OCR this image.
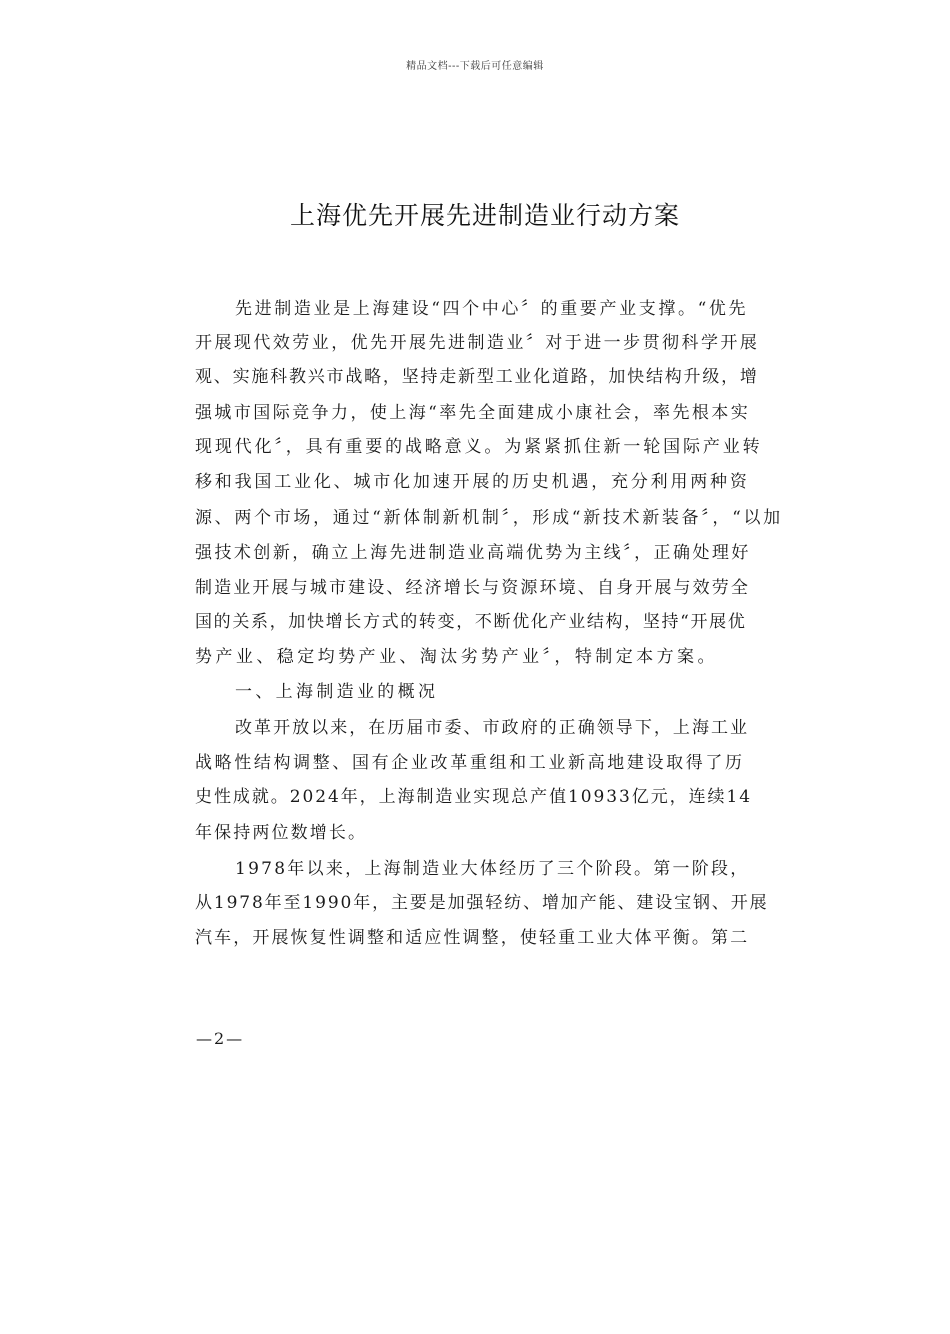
精品文档---下载后可任意编辑
上海优先开展先进制造业行动方案
先进制造业是上海建设“四个中心〞的重要产业支撑。“优先
开展现代效劳业，优先开展先进制造业〞对于进一步贯彻科学开展
观、实施科教兴市战略，坚持走新型工业化道路，加快结构升级，增
强城市国际竞争力，使上海“率先全面建成小康社会，率先根本实
现现代化〞，具有重要的战略意义。为紧紧抓住新一轮国际产业转
移和我国工业化、城市化加速开展的历史机遇，充分利用两种资
源、两个市场，通过“新体制新机制〞，形成“新技术新装备〞，“以加
强技术创新，确立上海先进制造业高端优势为主线〞，正确处理好
制造业开展与城市建设、经济增长与资源环境、自身开展与效劳全
国的关系，加快增长方式的转变，不断优化产业结构，坚持“开展优
势产业、稳定均势产业、淘汰劣势产业〞，特制定本方案。
一、上海制造业的概况
改革开放以来，在历届市委、市政府的正确领导下，上海工业
战略性结构调整、国有企业改革重组和工业新高地建设取得了历
史性成就。2024年，上海制造业实现总产值10933亿元，连续14
年保持两位数增长。
1978年以来，上海制造业大体经历了三个阶段。第一阶段，
从1978年至1990年，主要是加强轻纺、增加产能、建设宝钢、开展
汽车，开展恢复性调整和适应性调整，使轻重工业大体平衡。第二
—2—
